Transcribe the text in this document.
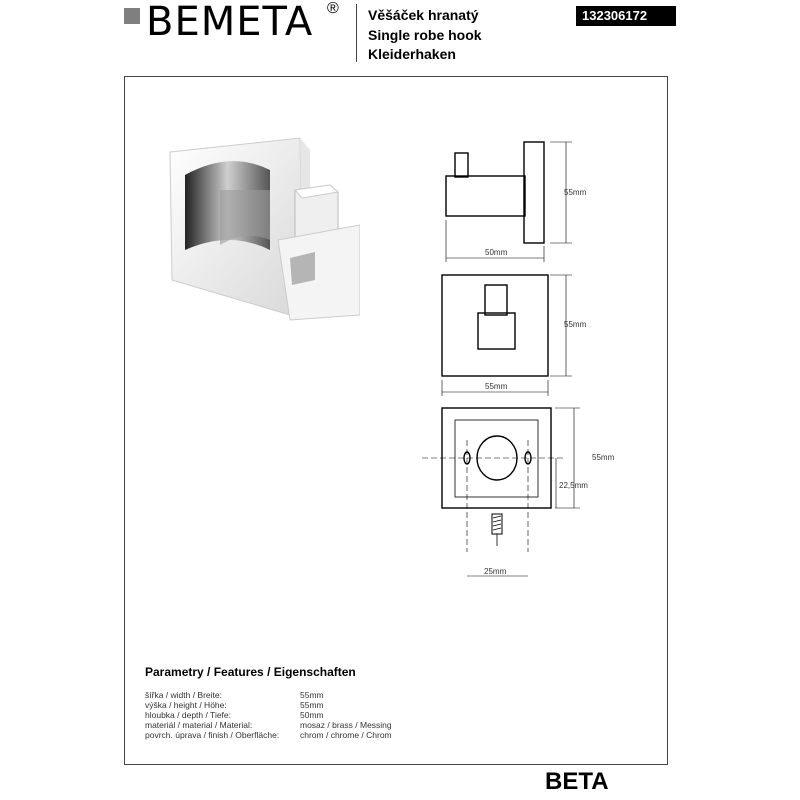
BEMETA ® Věšáček hranatý
Single robe hook
Kleiderhaken
132306172
55mm
50mm
55mm
55mm
55mm
22,5mm
25mm
Parametry / Features / Eigenschaften
šířka / width / Breite:	55mm
výška / height / Höhe:	55mm
hloubka / depth / Tiefe:	50mm
materiál / material / Material:	mosaz / brass / Messing
povrch. úprava / finish / Oberfläche: chrom / chrome / Chrom
BETA
